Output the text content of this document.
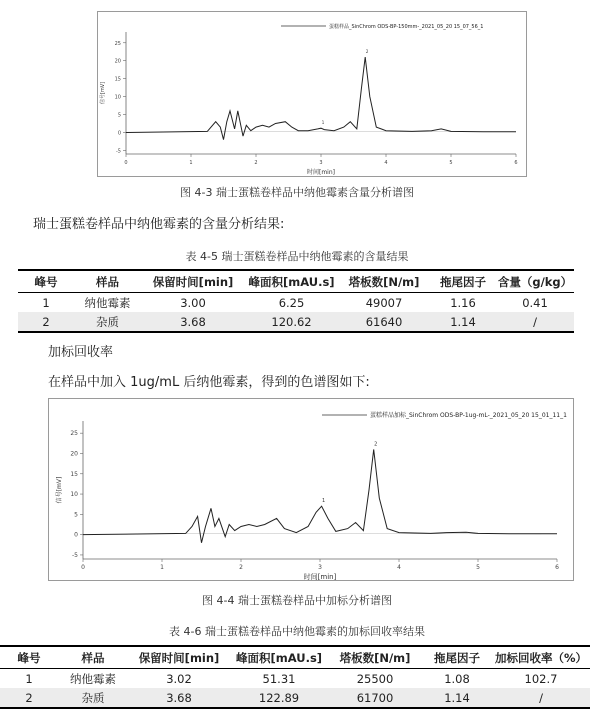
-5
0
5
10
15
20
25
0	1	2	3	4	5	6
时间[min]
信号[mV]
蛋糕样品_SinChrom ODS-BP-150mm-_2021_05_20 15_07_56_1
1
2
图 4-3 瑞士蛋糕卷样品中纳他霉素含量分析谱图
瑞士蛋糕卷样品中纳他霉素的含量分析结果:
表 4-5 瑞士蛋糕卷样品中纳他霉素的含量结果
峰号	样品	保留时间[min]	峰面积[mAU.s]	塔板数[N/m]	拖尾因子	含量（g/kg）
1	纳他霉素	3.00	6.25	49007	1.16	0.41
2	杂质	3.68	120.62	61640	1.14	/
加标回收率
在样品中加入 1ug/mL 后纳他霉素，得到的色谱图如下:
-5
0
5
10
15
20
25
0	1	2	3	4	5	6
时间[min]
信号[mV]
蛋糕样品加标_SinChrom ODS-BP-1ug-mL-_2021_05_20 15_01_11_1
1
2
图 4-4 瑞士蛋糕卷样品中加标分析谱图
表 4-6 瑞士蛋糕卷样品中纳他霉素的加标回收率结果
峰号	样品	保留时间[min]	峰面积[mAU.s]	塔板数[N/m]	拖尾因子	加标回收率（%）
1	纳他霉素	3.02	51.31	25500	1.08	102.7
2	杂质	3.68	122.89	61700	1.14	/
